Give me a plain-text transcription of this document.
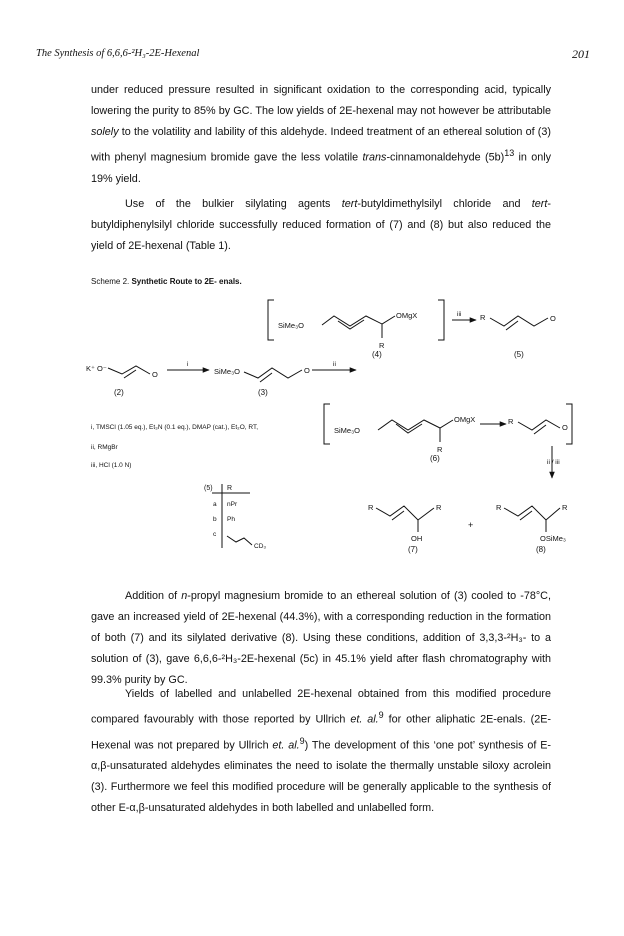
The Synthesis of 6,6,6-²H₃-2E-Hexenal	201
under reduced pressure resulted in significant oxidation to the corresponding acid, typically lowering the purity to 85% by GC. The low yields of 2E-hexenal may not however be attributable solely to the volatility and lability of this aldehyde. Indeed treatment of an ethereal solution of (3) with phenyl magnesium bromide gave the less volatile trans-cinnamonaldehyde $(5b)^{13}$ in only 19% yield.
Use of the bulkier silylating agents tert-butyldimethylsilyl chloride and tert-butyldiphenylsilyl chloride successfully reduced formation of (7) and (8) but also reduced the yield of 2E-hexenal (Table 1).
Scheme 2. Synthetic Route to 2E- enals.
SiMe₃O
OMgX
R
iii R	O
K⁺ O⁻
O
i
SiMe₃O	O
ii
SiMe₃O
OMgX
R
R
O
ii / iii
R	R
OH
+
R	R
OSiMe₃
(4)	(5)
(2)	(3)
(6)
(7)	(8)
i, TMSCl (1.05 eq.), Et₃N (0.1 eq.), DMAP (cat.), Et₂O, RT,
ii, RMgBr
iii, HCl (1.0 N)
(5) R
a nPr
b Ph
c
CD₃
Addition of n-propyl magnesium bromide to an ethereal solution of (3) cooled to -78°C, gave an increased yield of 2E-hexenal (44.3%), with a corresponding reduction in the formation of both (7) and its silylated derivative (8). Using these conditions, addition of 3,3,3-²H₃- to a solution of (3), gave 6,6,6-²H₃-2E-hexenal (5c) in 45.1% yield after flash chromatography with 99.3% purity by GC.
Yields of labelled and unlabelled 2E-hexenal obtained from this modified procedure compared favourably with those reported by Ullrich et. al.$^9$ for other aliphatic 2E-enals. (2E-Hexenal was not prepared by Ullrich et. al.$^9$) The development of this ‘one pot’ synthesis of E-α,β-unsaturated aldehydes eliminates the need to isolate the thermally unstable siloxy acrolein (3). Furthermore we feel this modified procedure will be generally applicable to the synthesis of other E-α,β-unsaturated aldehydes in both labelled and unlabelled form.
